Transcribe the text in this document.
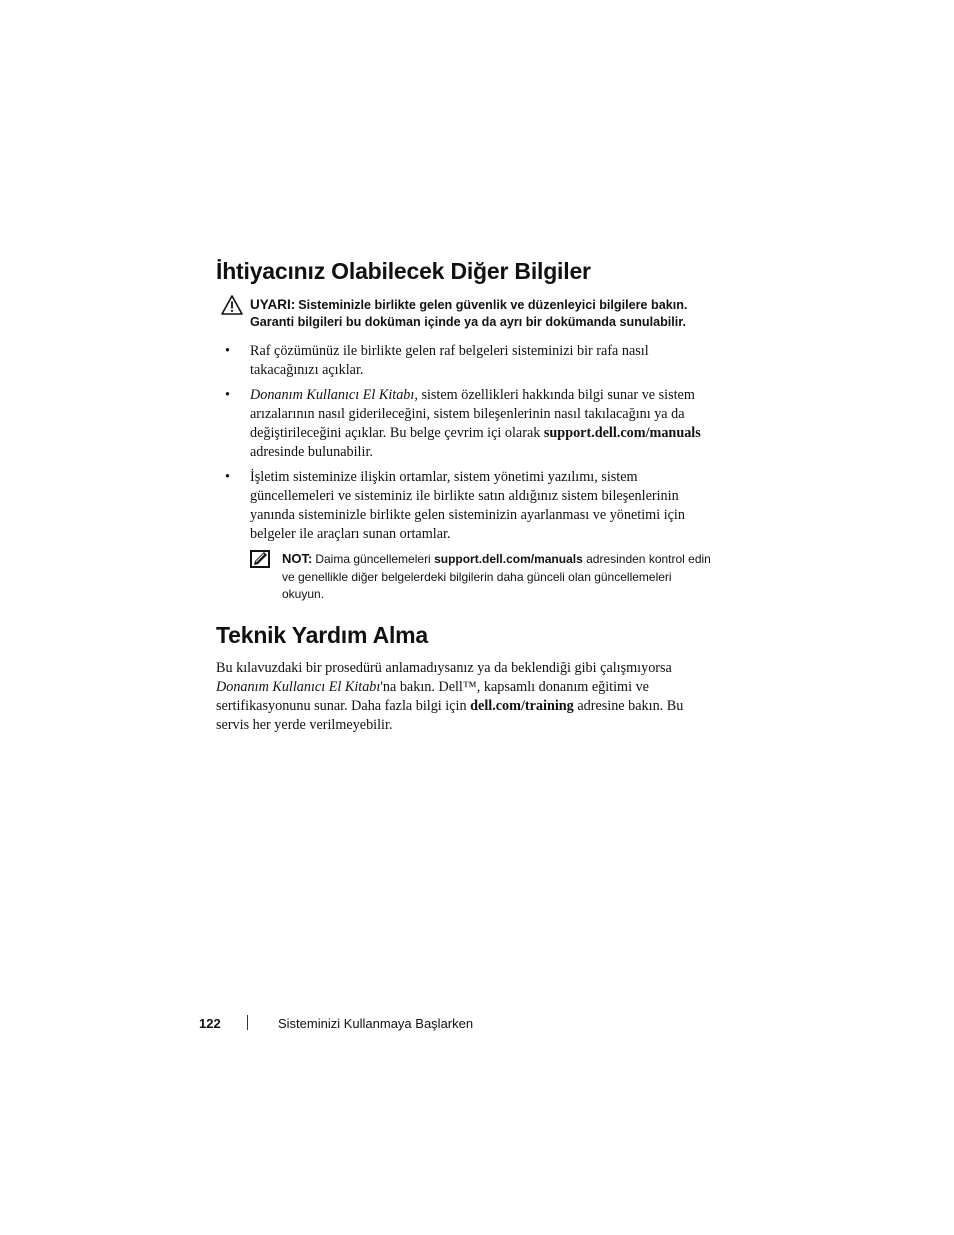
İhtiyacınız Olabilecek Diğer Bilgiler
UYARI: Sisteminizle birlikte gelen güvenlik ve düzenleyici bilgilere bakın. Garanti bilgileri bu doküman içinde ya da ayrı bir dokümanda sunulabilir.
• Raf çözümünüz ile birlikte gelen raf belgeleri sisteminizi bir rafa nasıl takacağınızı açıklar.
• Donanım Kullanıcı El Kitabı, sistem özellikleri hakkında bilgi sunar ve sistem arızalarının nasıl giderileceğini, sistem bileşenlerinin nasıl takılacağını ya da değiştirileceğini açıklar. Bu belge çevrim içi olarak support.dell.com/manuals adresinde bulunabilir.
• İşletim sisteminize ilişkin ortamlar, sistem yönetimi yazılımı, sistem güncellemeleri ve sisteminiz ile birlikte satın aldığınız sistem bileşenlerinin yanında sisteminizle birlikte gelen sisteminizin ayarlanması ve yönetimi için belgeler ile araçları sunan ortamlar.
NOT: Daima güncellemeleri support.dell.com/manuals adresinden kontrol edin ve genellikle diğer belgelerdeki bilgilerin daha günceli olan güncellemeleri okuyun.
Teknik Yardım Alma

Bu kılavuzdaki bir prosedürü anlamadıysanız ya da beklendiği gibi çalışmıyorsa Donanım Kullanıcı El Kitabı'na bakın. Dell™, kapsamlı donanım eğitimi ve sertifikasyonunu sunar. Daha fazla bilgi için dell.com/training adresine bakın. Bu servis her yerde verilmeyebilir.

122	Sisteminizi Kullanmaya Başlarken
